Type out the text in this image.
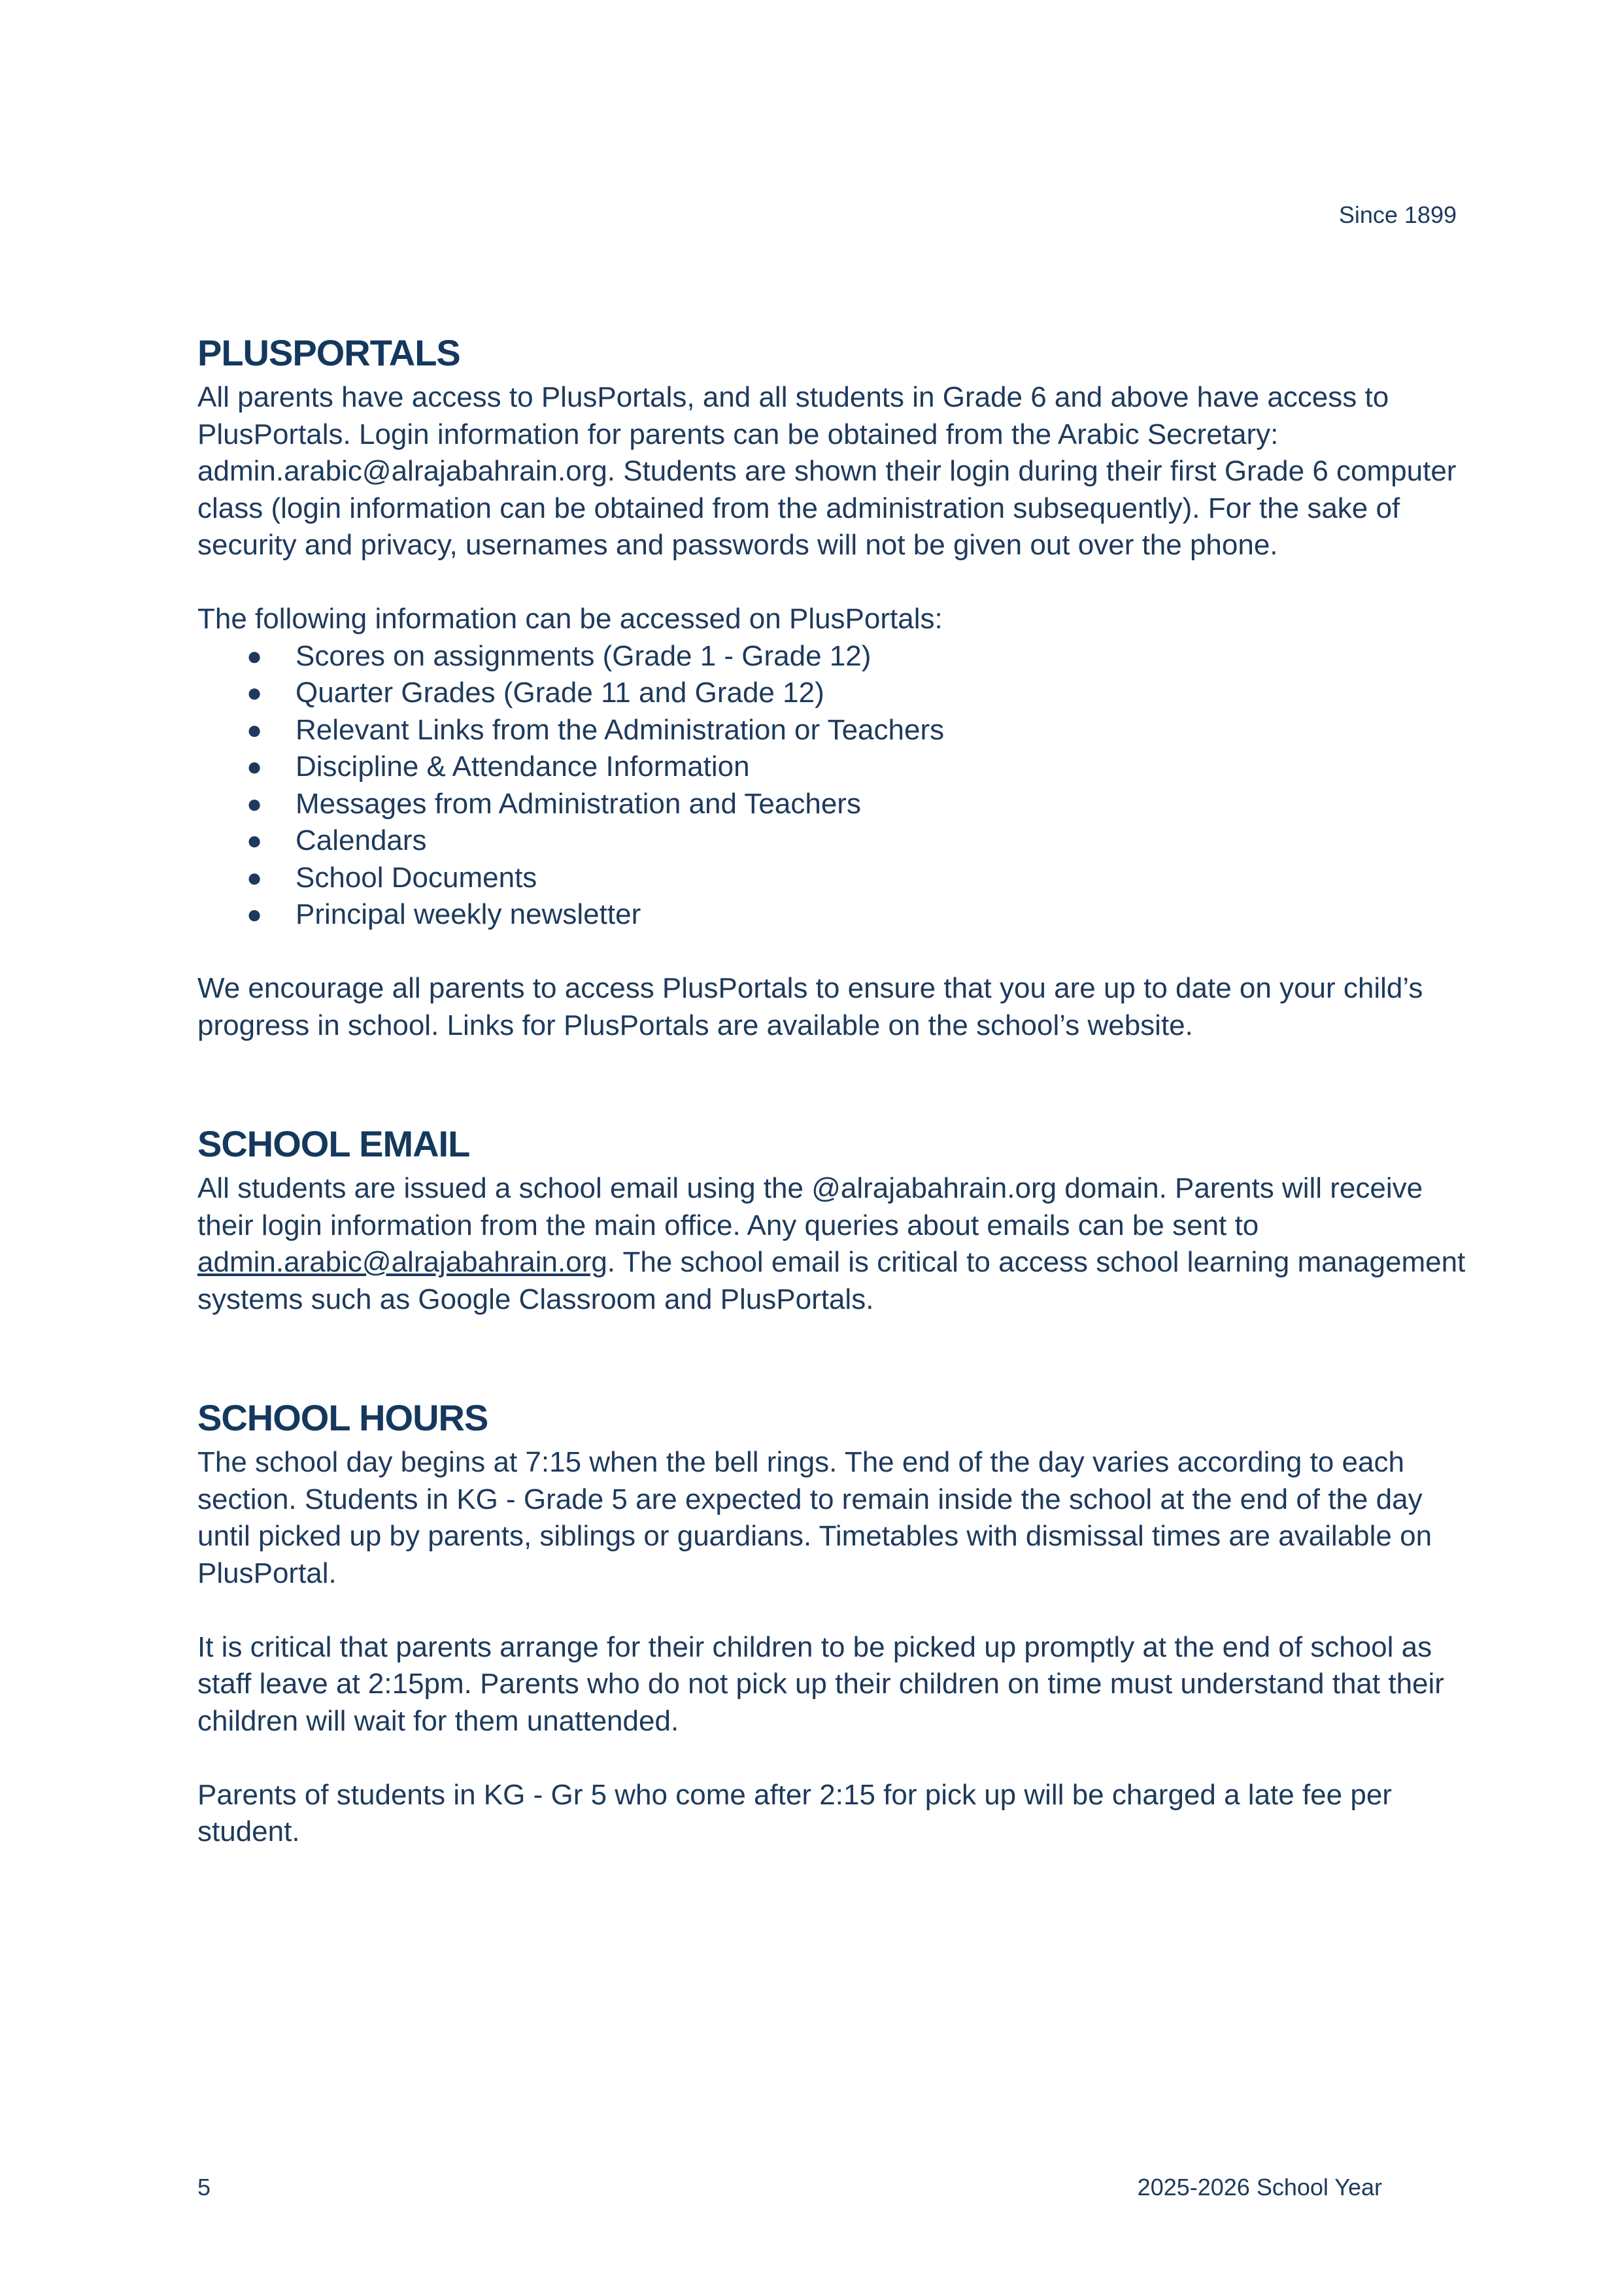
Since 1899
PLUSPORTALS

All parents have access to PlusPortals, and all students in Grade 6 and above have access to PlusPortals. Login information for parents can be obtained from the Arabic Secretary: admin.arabic@alrajabahrain.org. Students are shown their login during their first Grade 6 computer class (login information can be obtained from the administration subsequently). For the sake of security and privacy, usernames and passwords will not be given out over the phone.

The following information can be accessed on PlusPortals:

● Scores on assignments (Grade 1 - Grade 12)
● Quarter Grades (Grade 11 and Grade 12)
● Relevant Links from the Administration or Teachers
● Discipline & Attendance Information
● Messages from Administration and Teachers
● Calendars
● School Documents
● Principal weekly newsletter

We encourage all parents to access PlusPortals to ensure that you are up to date on your child’s progress in school. Links for PlusPortals are available on the school’s website.

SCHOOL EMAIL

All students are issued a school email using the @alrajabahrain.org domain. Parents will receive their login information from the main office. Any queries about emails can be sent to admin.arabic@alrajabahrain.org. The school email is critical to access school learning management systems such as Google Classroom and PlusPortals.

SCHOOL HOURS

The school day begins at 7:15 when the bell rings. The end of the day varies according to each section. Students in KG - Grade 5 are expected to remain inside the school at the end of the day until picked up by parents, siblings or guardians. Timetables with dismissal times are available on PlusPortal.

It is critical that parents arrange for their children to be picked up promptly at the end of school as staff leave at 2:15pm. Parents who do not pick up their children on time must understand that their children will wait for them unattended.

Parents of students in KG - Gr 5 who come after 2:15 for pick up will be charged a late fee per student.

5	2025-2026 School Year
